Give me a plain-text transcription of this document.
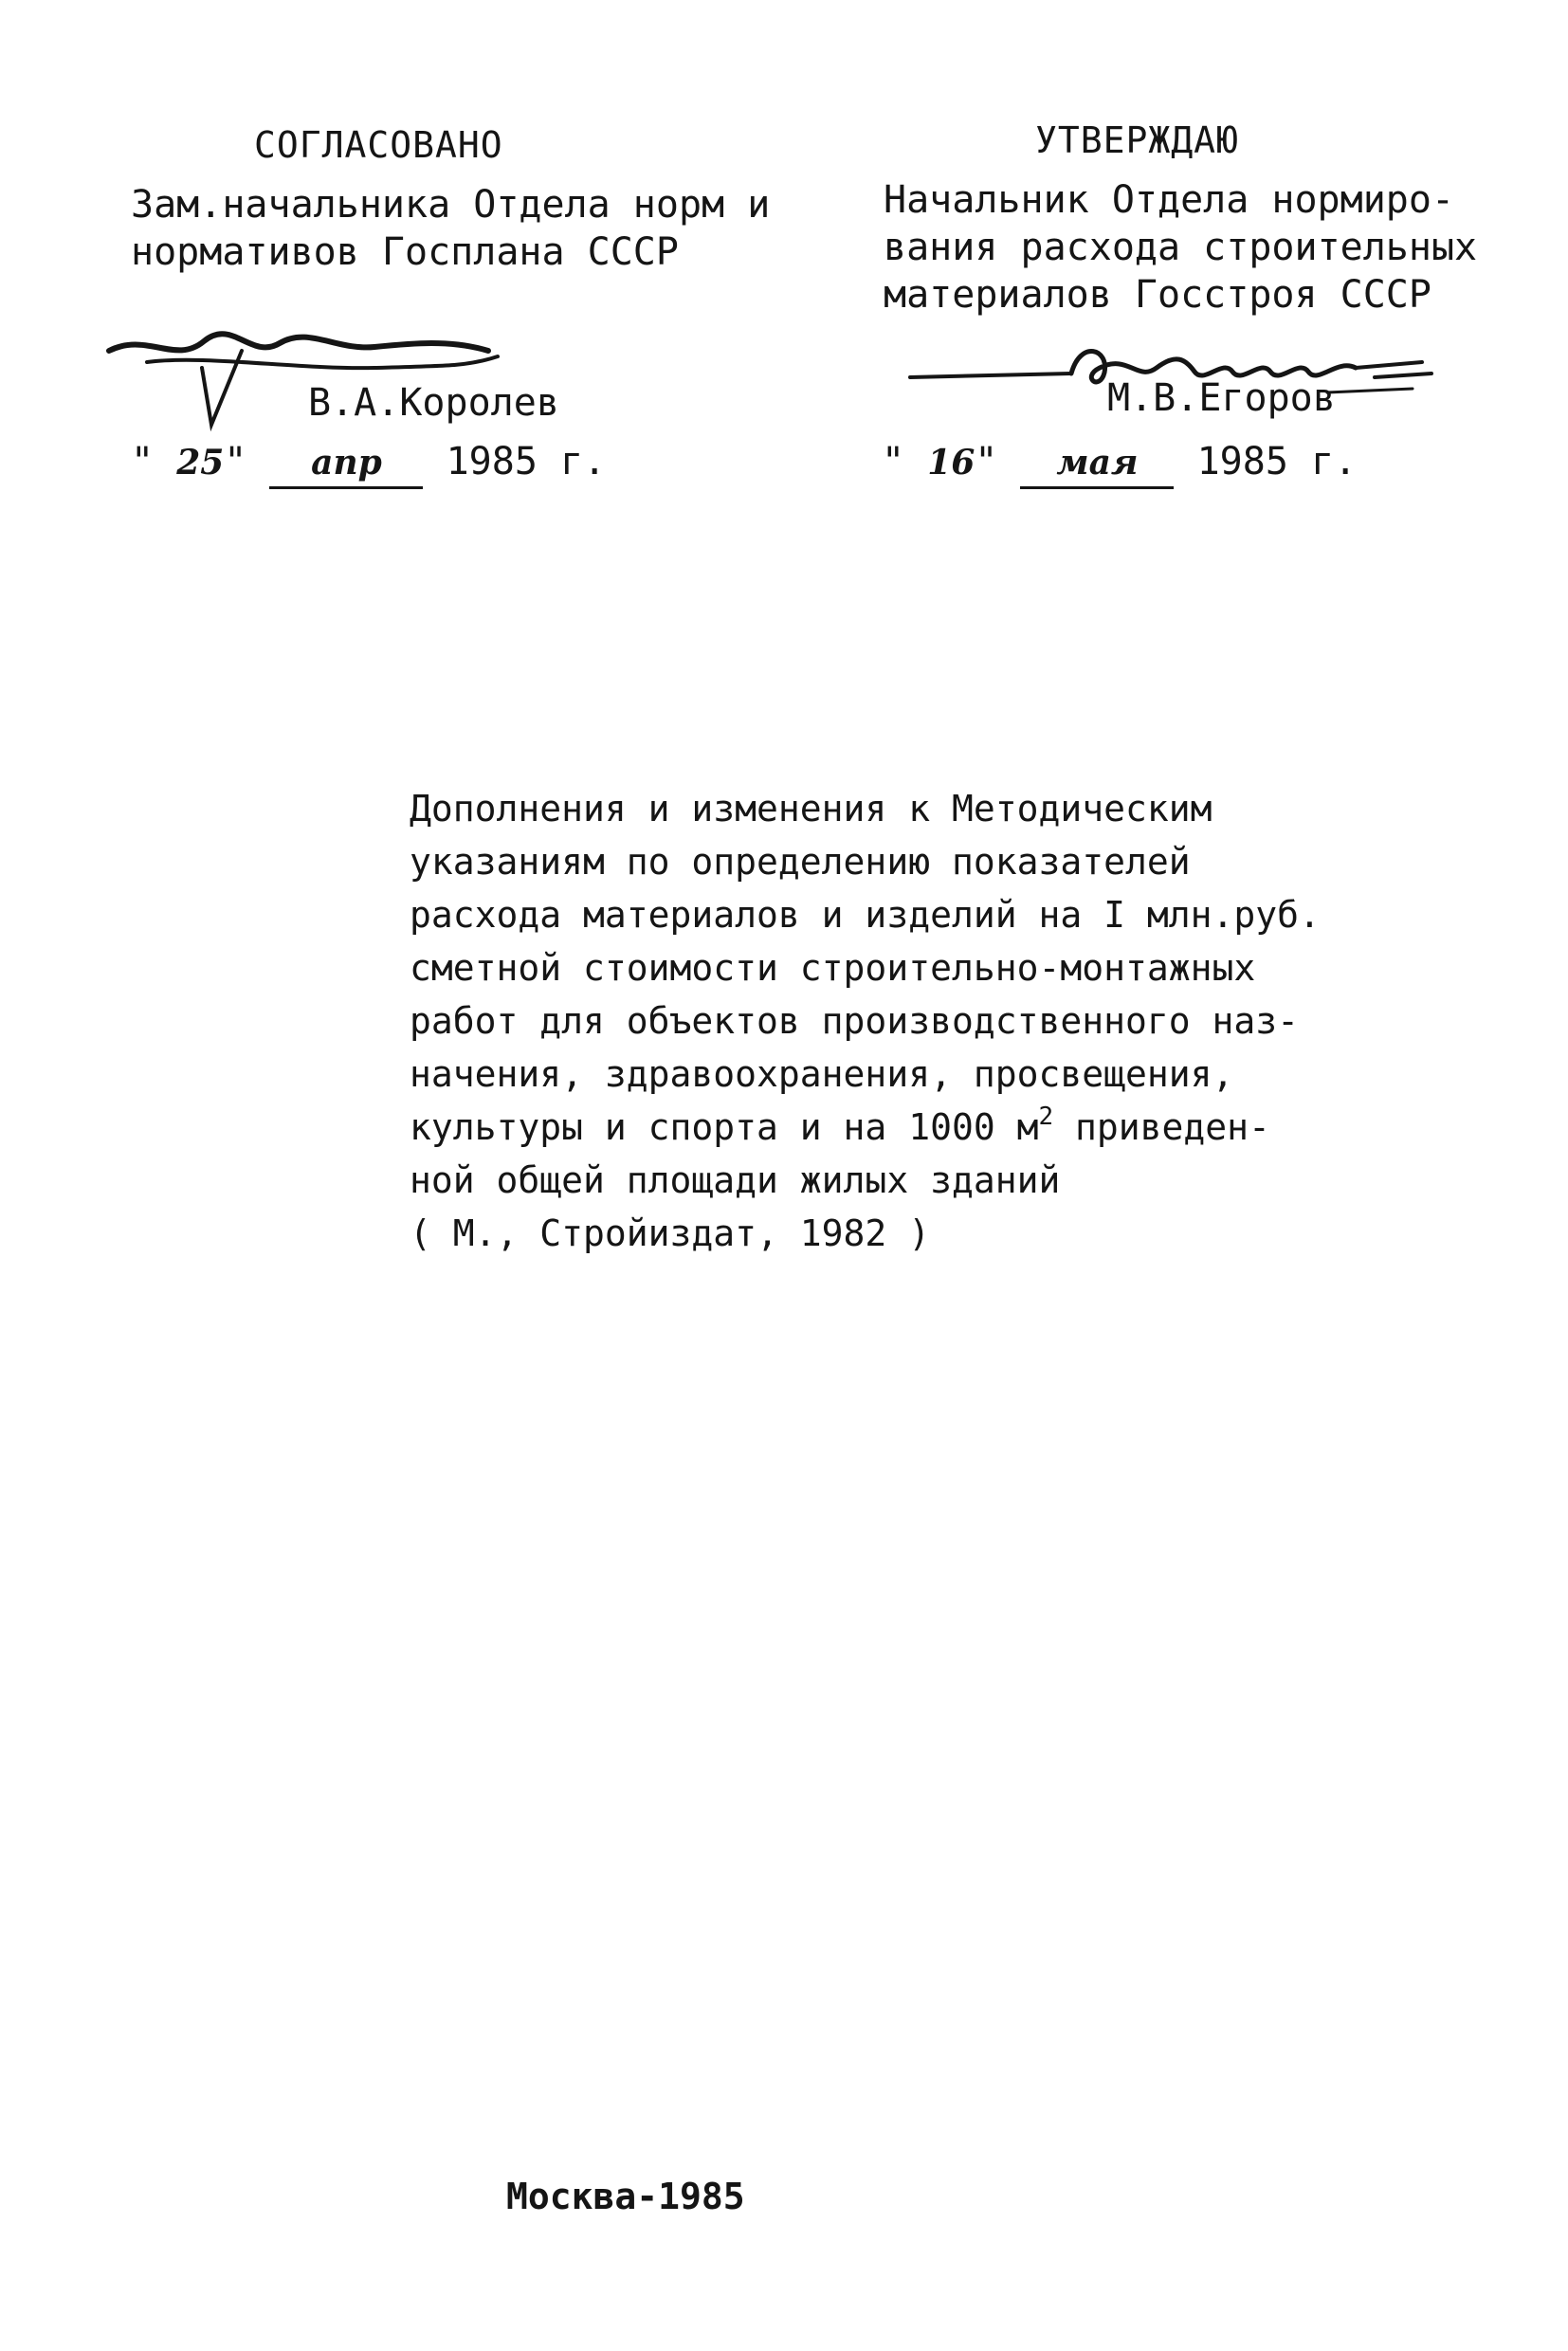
СОГЛАСОВАНО
Зам.начальника Отдела норм и
нормативов Госплана СССР
В.А.Королев
" 25" апр 1985 г.
УТВЕРЖДАЮ
Начальник Отдела нормиро-
вания расхода строительных
материалов Госстроя СССР
М.В.Егоров
" 16" мая 1985 г.
Дополнения и изменения к Методическим
указаниям по определению показателей
расхода материалов и изделий на I млн.руб.
сметной стоимости строительно-монтажных
работ для объектов производственного наз-
начения, здравоохранения, просвещения,
культуры и спорта и на 1000 $м^2$ приведен-
ной общей площади жилых зданий
( М., Стройиздат, 1982 )
Москва-1985
